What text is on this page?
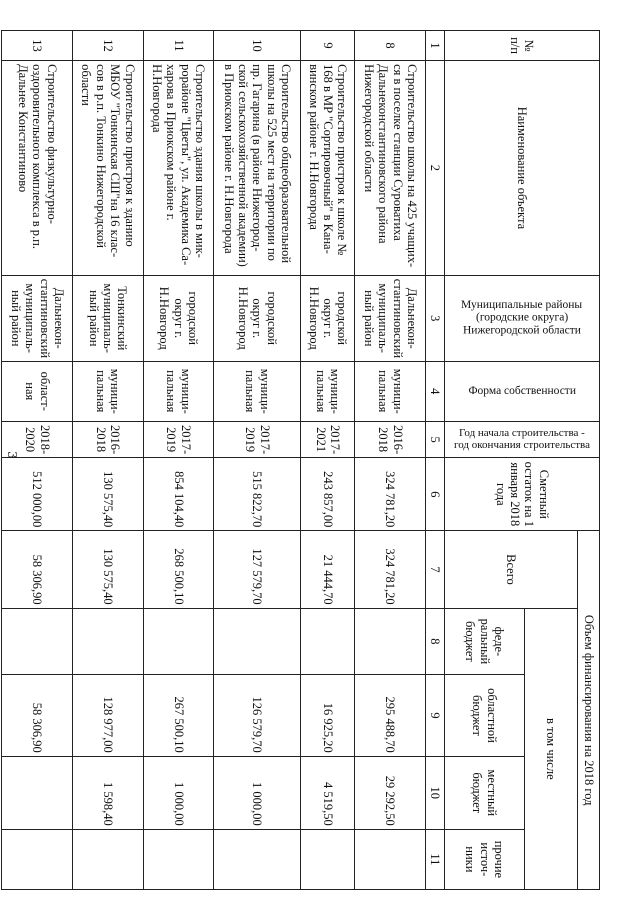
3
№ п/п	Наименование объекта	Муниципальные районы (городские округа) Нижегородской области	Форма собственности	Год начала строительства - год окончания строительства	Сметный остаток на 1 января 2018 года	Объем финансирования на 2018 год				
						Всего	в том числе			
							феде-ральный бюджет	областной бюджет	местный бюджет	прочие источ-ники
1	2	3	4	5	6	7	8	9	10	11
8	Строительство школы на 425 учащих-ся в поселке станции Суроватиха Дальнеконстантиновского района Нижегородской области	Дальнекон-стантиновский муниципаль-ный район	муници-пальная	2016-2018	324 781,20	324 781,20		295 488,70	29 292,50	
9	Строительство пристроя к школе № 168 в МР "Сортировочный" в Кана-винском районе г. Н.Новгорода	городской округ г. Н.Новгород	муници-пальная	2017-2021	243 857,00	21 444,70		16 925,20	4 519,50	
10	Строительство общеобразовательной школы на 525 мест на территории по пр. Гагарина (в районе Нижегород-ской сельскохозяйственной академии) в Приокском районе г. Н.Новгорода	городской округ г. Н.Новгород	муници-пальная	2017-2019	515 822,70	127 579,70		126 579,70	1 000,00	
11	Строительство здания школы в мик-рорайоне "Цветы", ул. Академика Са-харова в Приокском районе г. Н.Новгорода	городской округ г. Н.Новгород	муници-пальная	2017-2019	854 104,40	268 500,10		267 500,10	1 000,00	
12	Строительство пристроя к зданию МБОУ "Тонкинская СШ"на 16 клас-сов в р.п. Тонкино Нижегородской области	Тонкинский муниципаль-ный район	муници-пальная	2016-2018	130 575,40	130 575,40		128 977,00	1 598,40	
13	Строительство физкультурно-оздоровительного комплекса в р.п. Дальнее Константиново	Дальнекон-стантиновский муниципаль-ный район	област-ная	2018-2020	512 000,00	58 306,90		58 306,90		
